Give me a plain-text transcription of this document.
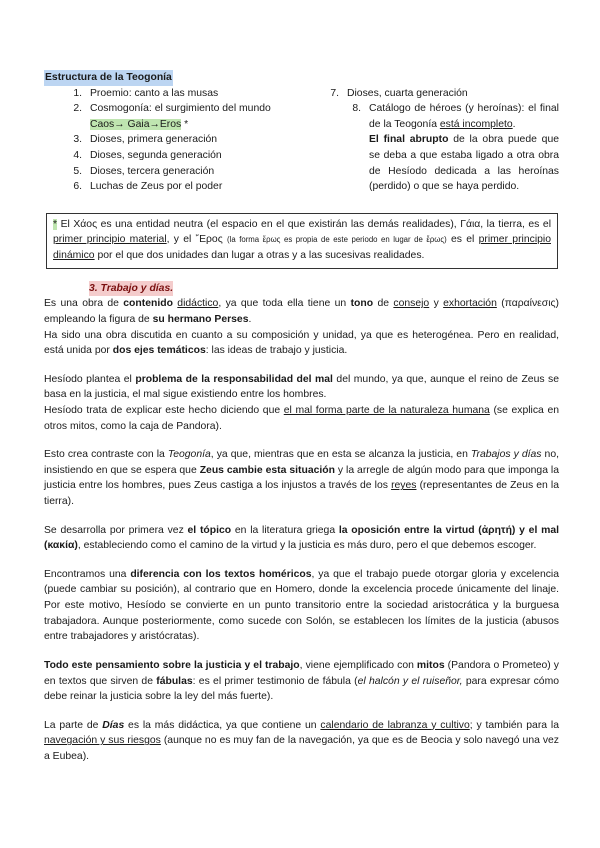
Estructura de la Teogonía
1. Proemio: canto a las musas
2. Cosmogonía: el surgimiento del mundo
Caos→ Gaia→Eros *
3. Dioses, primera generación
4. Dioses, segunda generación
5. Dioses, tercera generación
6. Luchas de Zeus por el poder
7. Dioses, cuarta generación
8. Catálogo de héroes (y heroínas): el final de la Teogonía está incompleto.
El final abrupto de la obra puede que se deba a que estaba ligado a otra obra de Hesíodo dedicada a las heroínas (perdido) o que se haya perdido.
* El Χάος es una entidad neutra (el espacio en el que existirán las demás realidades), Γάια, la tierra, es el primer principio material, y el ῎Ερος (la forma ἔρως es propia de este periodo en lugar de ἔρως) es el primer principio dinámico por el que dos unidades dan lugar a otras y a las sucesivas realidades.
3. Trabajo y días.

Es una obra de contenido didáctico, ya que toda ella tiene un tono de consejo y exhortación (παραίνεσις) empleando la figura de su hermano Perses.

Ha sido una obra discutida en cuanto a su composición y unidad, ya que es heterogénea. Pero en realidad, está unida por dos ejes temáticos: las ideas de trabajo y justicia.

Hesíodo plantea el problema de la responsabilidad del mal del mundo, ya que, aunque el reino de Zeus se basa en la justicia, el mal sigue existiendo entre los hombres.

Hesíodo trata de explicar este hecho diciendo que el mal forma parte de la naturaleza humana (se explica en otros mitos, como la caja de Pandora).

Esto crea contraste con la Teogonía, ya que, mientras que en esta se alcanza la justicia, en Trabajos y días no, insistiendo en que se espera que Zeus cambie esta situación y la arregle de algún modo para que imponga la justicia entre los hombres, pues Zeus castiga a los injustos a través de los reyes (representantes de Zeus en la tierra).

Se desarrolla por primera vez el tópico en la literatura griega la oposición entre la virtud (ἀρητή) y el mal (κακία), estableciendo como el camino de la virtud y la justicia es más duro, pero el que debemos escoger.

Encontramos una diferencia con los textos homéricos, ya que el trabajo puede otorgar gloria y excelencia (puede cambiar su posición), al contrario que en Homero, donde la excelencia procede únicamente del linaje. Por este motivo, Hesíodo se convierte en un punto transitorio entre la sociedad aristocrática y la burguesa trabajadora. Aunque posteriormente, como sucede con Solón, se establecen los límites de la justicia (abusos entre trabajadores y aristócratas).

Todo este pensamiento sobre la justicia y el trabajo, viene ejemplificado con mitos (Pandora o Prometeo) y en textos que sirven de fábulas: es el primer testimonio de fábula (el halcón y el ruiseñor, para expresar cómo debe reinar la justicia sobre la ley del más fuerte).

La parte de Días es la más didáctica, ya que contiene un calendario de labranza y cultivo; y también para la navegación y sus riesgos (aunque no es muy fan de la navegación, ya que es de Beocia y solo navegó una vez a Eubea).
